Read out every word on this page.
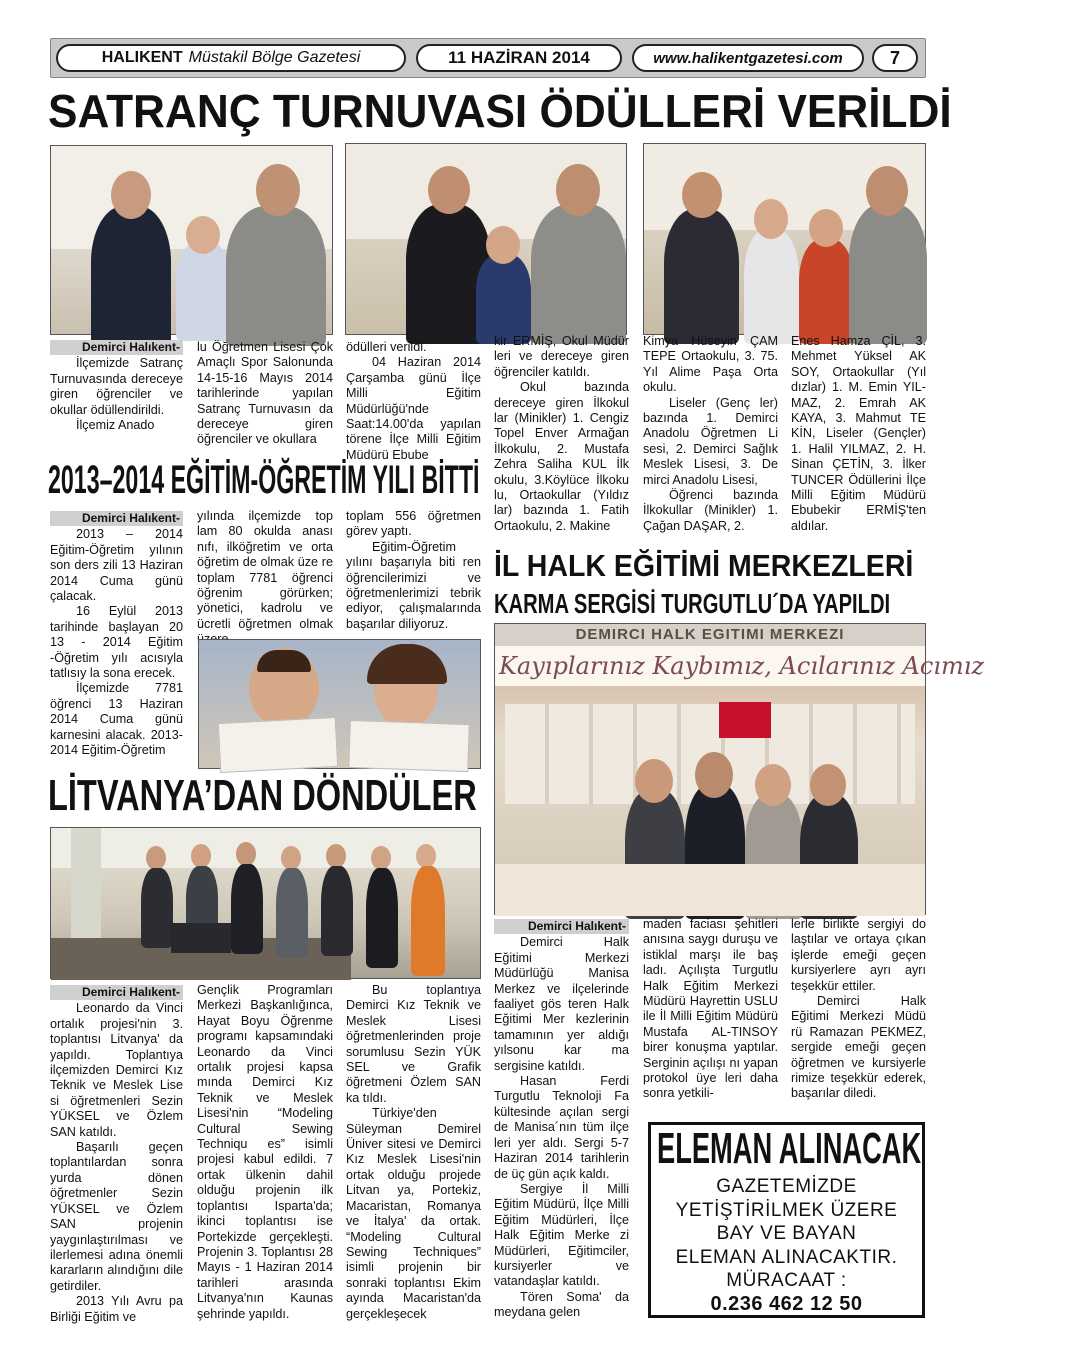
HALIKENT Müstakil Bölge Gazetesi	11 HAZİRAN 2014	www.halikentgazetesi.com	7
SATRANÇ TURNUVASI ÖDÜLLERİ VERİLDİ
Demirci Halıkent-

İlçemizde Satranç Turnuvasında dereceye giren öğrenciler ve okullar ödüllendirildi.

İlçemiz Anado

lu Öğretmen Lisesi Çok Amaçlı Spor Salonunda 14-15-16 Mayıs 2014 tarihlerinde yapılan Satranç Turnuvasın da dereceye giren öğrenciler ve okullara

ödülleri verildi.

04 Haziran 2014 Çarşamba günü İlçe Milli Eğitim Müdürlüğü'nde Saat:14.00'da yapılan törene İlçe Milli Eğitim Müdürü Ebube

kir ERMİŞ, Okul Müdür leri ve dereceye giren öğrenciler katıldı.

Okul bazında dereceye giren İlkokul lar (Minikler) 1. Cengiz Topel Enver Armağan İlkokulu, 2. Mustafa Zehra Saliha KUL İlk okulu, 3.Köylüce İlkoku lu, Ortaokullar (Yıldız lar) bazında 1. Fatih Ortaokulu, 2. Makine

Kimya Hüseyin ÇAM TEPE Ortaokulu, 3. 75. Yıl Alime Paşa Orta okulu.

Liseler (Genç ler) bazında 1. Demirci Anadolu Öğretmen Li sesi, 2. Demirci Sağlık Meslek Lisesi, 3. De mirci Anadolu Lisesi,

Öğrenci bazında İlkokullar (Minikler) 1. Çağan DAŞAR, 2.

Enes Hamza ÇİL, 3. Mehmet Yüksel AK SOY, Ortaokullar (Yıl dızlar) 1. M. Emin YIL-MAZ, 2. Emrah AK KAYA, 3. Mahmut TE KİN, Liseler (Gençler) 1. Halil YILMAZ, 2. H. Sinan ÇETİN, 3. İlker TUNCER Ödüllerini İlçe Milli Eğitim Müdürü Ebubekir ERMİŞ'ten aldılar.

2013–2014 EĞİTİM-ÖĞRETİM YILI BİTTİ
Demirci Halıkent-

2013 – 2014 Eğitim-Öğretim yılının son ders zili 13 Haziran 2014 Cuma günü çalacak.

16 Eylül 2013 tarihinde başlayan 20 13 - 2014 Eğitim -Öğretim yılı acısıyla tatlısıy la sona erecek.

İlçemizde 7781 öğrenci 13 Haziran 2014 Cuma günü karnesini alacak. 2013-2014 Eğitim-Öğretim

yılında ilçemizde top lam 80 okulda anası nıfı, ilköğretim ve orta öğretim de olmak üze re toplam 7781 öğrenci öğrenim görürken; yönetici, kadrolu ve ücretli öğretmen olmak

toplam 556 öğretmen görev yaptı.

Eğitim-Öğretim yılını başarıyla biti ren öğrencilerimizi ve öğretmenlerimizi tebrik ediyor, çalışmalarında başarılar diliyoruz.

İL HALK EĞİTİMİ MERKEZLERİ
KARMA SERGİSİ TURGUTLU´DA YAPILDI
DEMIRCI HALK EGITIMI MERKEZI
Kayıplarınız Kaybımız, Acılarınız Acımız
Demirci Halıkent-

Demirci Halk Eğitimi Merkezi Müdürlüğü Manisa Merkez ve ilçelerinde faaliyet gös teren Halk Eğitimi Mer kezlerinin tamamının yer aldığı yılsonu kar ma sergisine katıldı.

Hasan Ferdi Turgutlu Teknoloji Fa kültesinde açılan sergi de Manisa´nın tüm ilçe leri yer aldı. Sergi 5-7 Haziran 2014 tarihlerin de üç gün açık kaldı.

Sergiye İl Milli Eğitim Müdürü, İlçe Milli Eğitim Müdürleri, İlçe Halk Eğitim Merke zi Müdürleri, Eğitimciler, kursiyerler ve vatandaşlar katıldı.

Tören Soma' da meydana gelen

maden faciası şehitleri anısına saygı duruşu ve istiklal marşı ile baş ladı. Açılışta Turgutlu Halk Eğitim Merkezi Müdürü Hayrettin USLU ile İl Milli Eğitim Müdürü Mustafa AL-TINSOY birer konuşma yaptılar. Serginin açılışı nı yapan protokol üye leri daha sonra yetkili-

lerle birlikte sergiyi do laştılar ve ortaya çıkan işlerde emeği geçen kursiyerlere ayrı ayrı teşekkür ettiler.

Demirci Halk Eğitimi Merkezi Müdü rü Ramazan PEKMEZ, sergide emeği geçen öğretmen ve kursiyerle rimize teşekkür ederek, başarılar diledi.

LİTVANYA’DAN DÖNDÜLER
Demirci Halıkent-

Leonardo da Vinci ortalık projesi'nin 3. toplantısı Litvanya' da yapıldı. Toplantıya ilçemizden Demirci Kız Teknik ve Meslek Lise si öğretmenleri Sezin YÜKSEL ve Özlem SAN katıldı.

Başarılı geçen toplantılardan sonra yurda dönen öğretmenler Sezin YÜKSEL ve Özlem SAN projenin yaygınlaştırılması ve ilerlemesi adına önemli kararların alındığını dile getirdiler.

2013 Yılı Avru pa Birliği Eğitim ve

Gençlik Programları Merkezi Başkanlığınca, Hayat Boyu Öğrenme programı kapsamındaki Leonardo da Vinci ortalık projesi kapsa mında Demirci Kız Teknik ve Meslek Lisesi'nin “Modeling Cultural Sewing Techniqu es” isimli projesi kabul edildi. 7 ortak ülkenin dahil olduğu projenin ilk toplantısı Isparta'da; ikinci toplantısı ise Portekizde gerçekleşti. Projenin 3. Toplantısı 28 Mayıs - 1 Haziran 2014 tarihleri arasında Litvanya'nın Kaunas şehrinde yapıldı.

Bu toplantıya Demirci Kız Teknik ve Meslek Lisesi öğretmenlerinden proje sorumlusu Sezin YÜK SEL ve Grafik öğretmeni Özlem SAN ka tıldı.

Türkiye'den Süleyman Demirel Üniver sitesi ve Demirci Kız Meslek Lisesi'nin ortak olduğu projede Litvan ya, Portekiz, Macaristan, Romanya ve İtalya' da ortak. “Modeling Cultural Sewing Techniques” isimli projenin bir sonraki toplantısı Ekim ayında Macaristan'da gerçekleşecek

ELEMAN ALINACAK
GAZETEMİZDE
YETİŞTİRİLMEK ÜZERE
BAY VE BAYAN
ELEMAN ALINACAKTIR.
MÜRACAAT :
0.236 462 12 50
